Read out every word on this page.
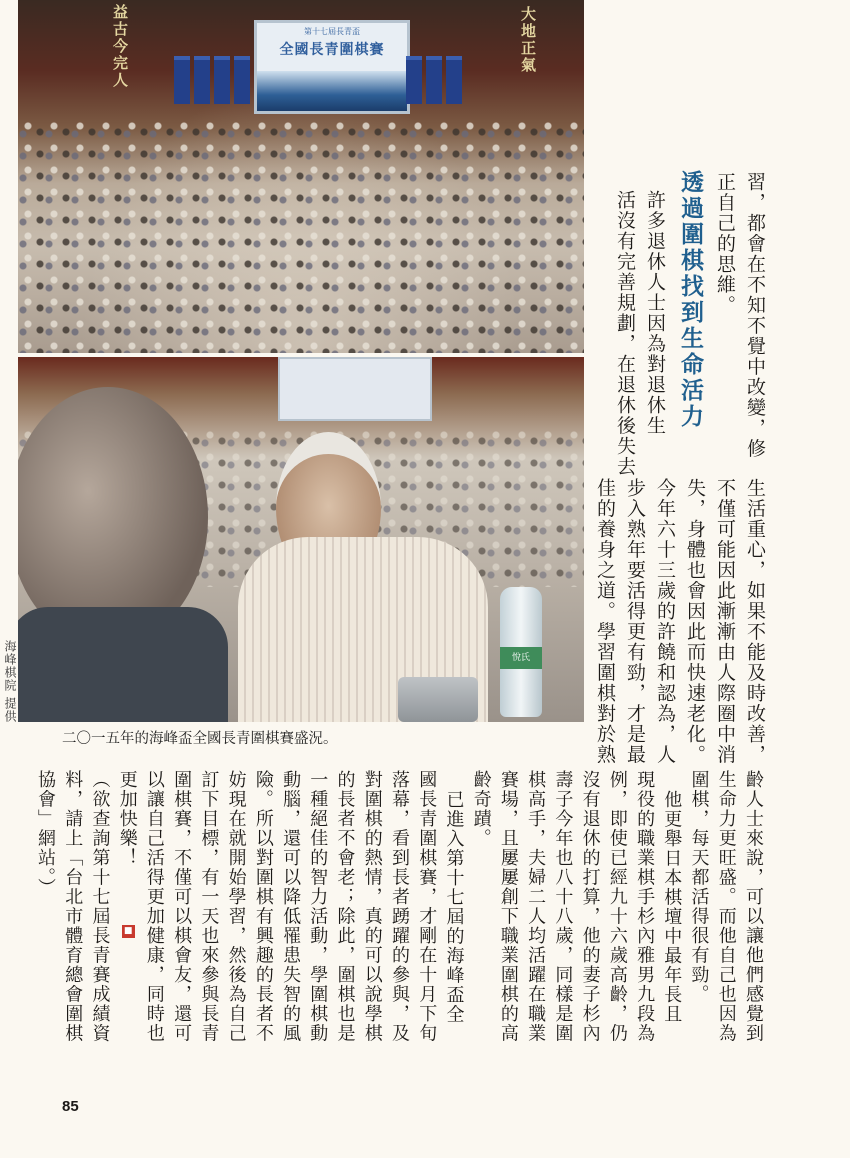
益古今完人	大地正氣
第十七屆長青盃
全國長青圍棋賽
悅氏
海峰棋院 提供
二〇一五年的海峰盃全國長青圍棋賽盛況。
習，都會在不知不覺中改變，修
正自己的思維。
透過圍棋找到生命活力
許多退休人士因為對退休生
活沒有完善規劃，在退休後失去
生活重心，如果不能及時改善，
不僅可能因此漸漸由人際圈中消
失，身體也會因此而快速老化。
今年六十三歲的許饒和認為，人
步入熟年要活得更有勁，才是最
佳的養身之道。學習圍棋對於熟
齡人士來說，可以讓他們感覺到
生命力更旺盛。而他自己也因為
圍棋，每天都活得很有勁。
他更舉日本棋壇中最年長且
現役的職業棋手杉內雅男九段為
例，即使已經九十六歲高齡，仍
沒有退休的打算，他的妻子杉內
壽子今年也八十八歲，同樣是圍
棋高手，夫婦二人均活躍在職業
賽場，且屢屢創下職業圍棋的高
齡奇蹟。
已進入第十七屆的海峰盃全
國長青圍棋賽，才剛在十月下旬
落幕，看到長者踴躍的參與，及
對圍棋的熱情，真的可以說學棋
的長者不會老；除此，圍棋也是
一種絕佳的智力活動，學圍棋動
動腦，還可以降低罹患失智的風
險。所以對圍棋有興趣的長者不
妨現在就開始學習，然後為自己
訂下目標，有一天也來參與長青
圍棋賽，不僅可以棋會友，還可
以讓自己活得更加健康，同時也
更加快樂！
■
（欲查詢第十七屆長青賽成績資
料，請上「台北市體育總會圍棋
85
協會」網站。）
